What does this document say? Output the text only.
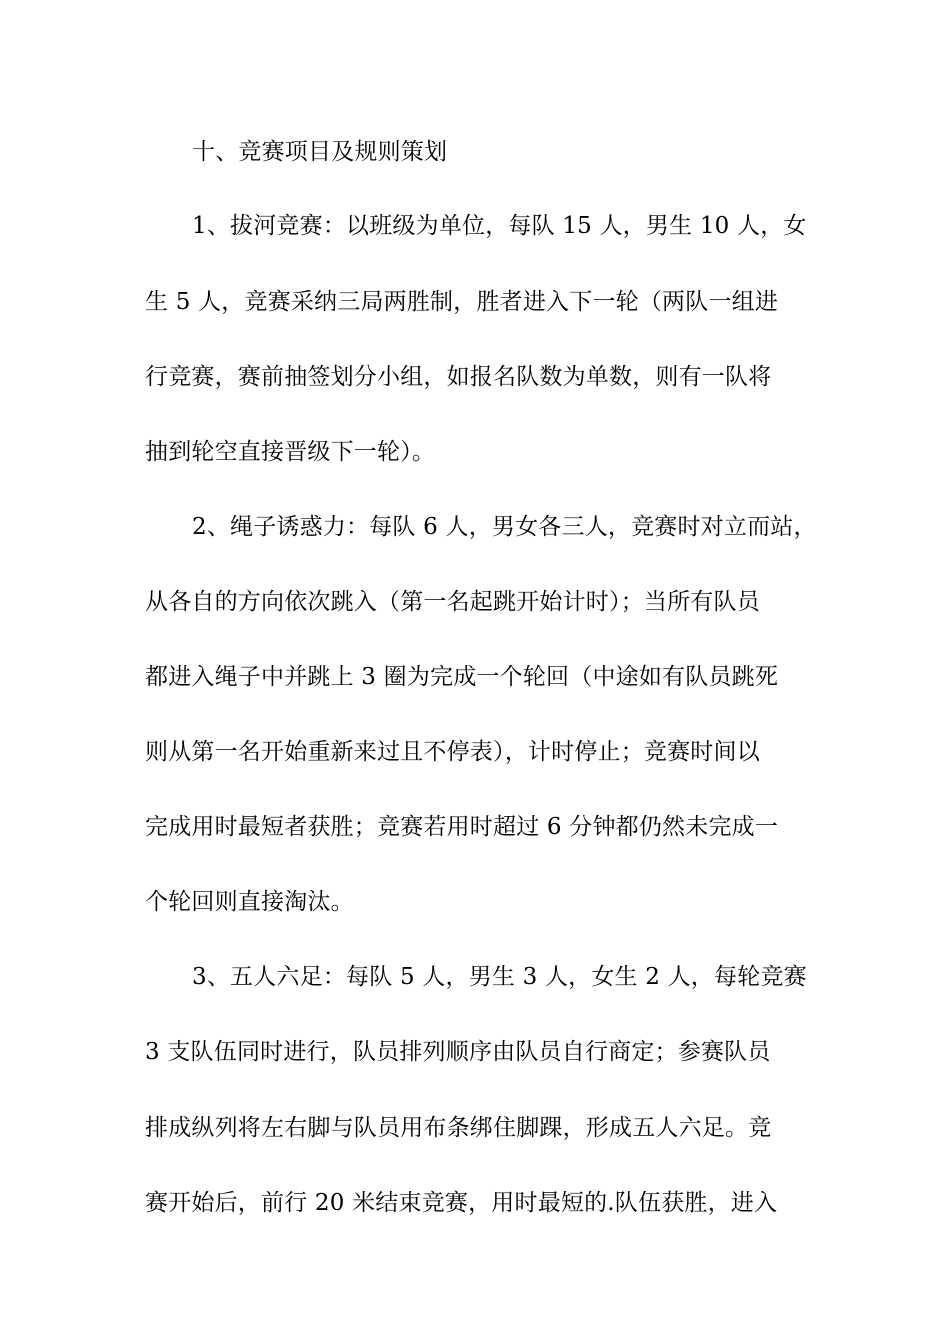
十、竞赛项目及规则策划
1、拔河竞赛：以班级为单位，每队 15 人，男生 10 人，女
生 5 人，竞赛采纳三局两胜制，胜者进入下一轮（两队一组进
行竞赛，赛前抽签划分小组，如报名队数为单数，则有一队将
抽到轮空直接晋级下一轮）。
2、绳子诱惑力：每队 6 人，男女各三人，竞赛时对立而站，
从各自的方向依次跳入（第一名起跳开始计时）；当所有队员
都进入绳子中并跳上 3 圈为完成一个轮回（中途如有队员跳死
则从第一名开始重新来过且不停表），计时停止；竞赛时间以
完成用时最短者获胜；竞赛若用时超过 6 分钟都仍然未完成一
个轮回则直接淘汰。
3、五人六足：每队 5 人，男生 3 人，女生 2 人，每轮竞赛
3 支队伍同时进行，队员排列顺序由队员自行商定；参赛队员
排成纵列将左右脚与队员用布条绑住脚踝，形成五人六足。竞
赛开始后，前行 20 米结束竞赛，用时最短的.队伍获胜，进入
